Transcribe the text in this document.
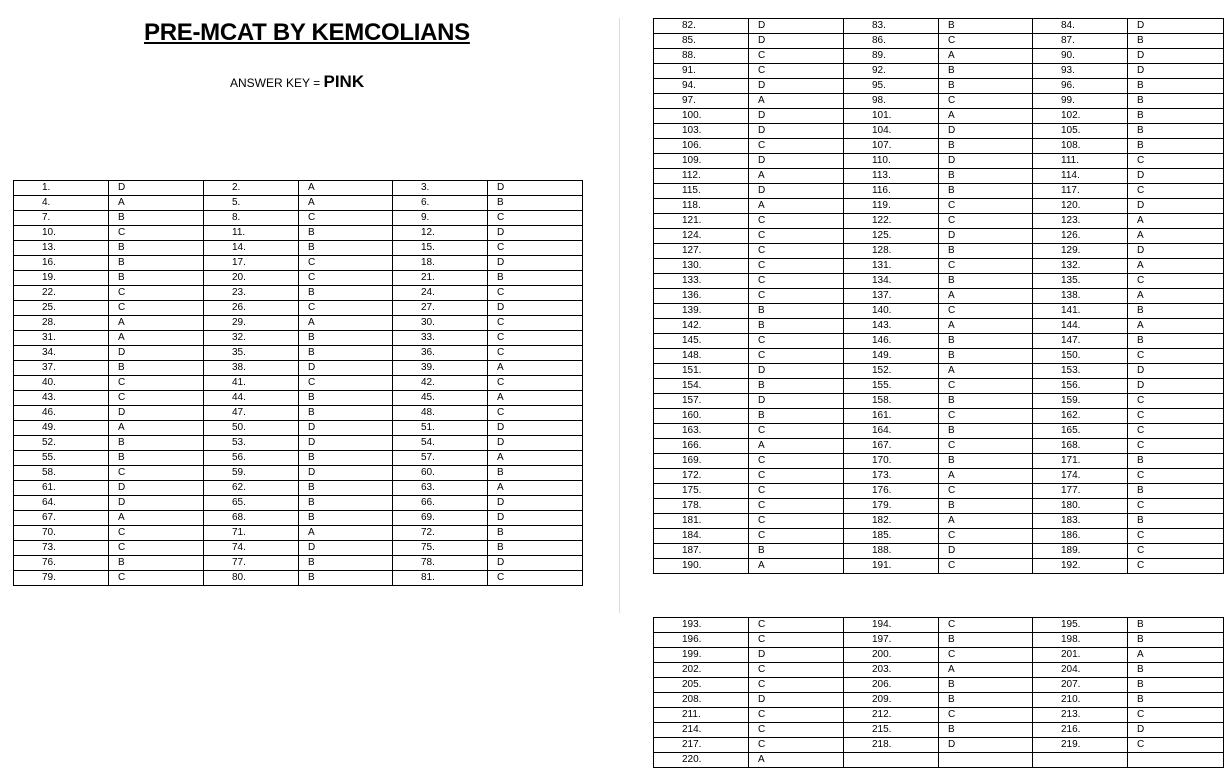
PRE-MCAT BY KEMCOLIANS
ANSWER KEY = PINK
1.	D	2.	A	3.	D
4.	A	5.	A	6.	B
7.	B	8.	C	9.	C
10.	C	11.	B	12.	D
13.	B	14.	B	15.	C
16.	B	17.	C	18.	D
19.	B	20.	C	21.	B
22.	C	23.	B	24.	C
25.	C	26.	C	27.	D
28.	A	29.	A	30.	C
31.	A	32.	B	33.	C
34.	D	35.	B	36.	C
37.	B	38.	D	39.	A
40.	C	41.	C	42.	C
43.	C	44.	B	45.	A
46.	D	47.	B	48.	C
49.	A	50.	D	51.	D
52.	B	53.	D	54.	D
55.	B	56.	B	57.	A
58.	C	59.	D	60.	B
61.	D	62.	B	63.	A
64.	D	65.	B	66.	D
67.	A	68.	B	69.	D
70.	C	71.	A	72.	B
73.	C	74.	D	75.	B
76.	B	77.	B	78.	D
79.	C	80.	B	81.	C
82.	D	83.	B	84.	D
85.	D	86.	C	87.	B
88.	C	89.	A	90.	D
91.	C	92.	B	93.	D
94.	D	95.	B	96.	B
97.	A	98.	C	99.	B
100.	D	101.	A	102.	B
103.	D	104.	D	105.	B
106.	C	107.	B	108.	B
109.	D	110.	D	111.	C
112.	A	113.	B	114.	D
115.	D	116.	B	117.	C
118.	A	119.	C	120.	D
121.	C	122.	C	123.	A
124.	C	125.	D	126.	A
127.	C	128.	B	129.	D
130.	C	131.	C	132.	A
133.	C	134.	B	135.	C
136.	C	137.	A	138.	A
139.	B	140.	C	141.	B
142.	B	143.	A	144.	A
145.	C	146.	B	147.	B
148.	C	149.	B	150.	C
151.	D	152.	A	153.	D
154.	B	155.	C	156.	D
157.	D	158.	B	159.	C
160.	B	161.	C	162.	C
163.	C	164.	B	165.	C
166.	A	167.	C	168.	C
169.	C	170.	B	171.	B
172.	C	173.	A	174.	C
175.	C	176.	C	177.	B
178.	C	179.	B	180.	C
181.	C	182.	A	183.	B
184.	C	185.	C	186.	C
187.	B	188.	D	189.	C
190.	A	191.	C	192.	C
193.	C	194.	C	195.	B
196.	C	197.	B	198.	B
199.	D	200.	C	201.	A
202.	C	203.	A	204.	B
205.	C	206.	B	207.	B
208.	D	209.	B	210.	B
211.	C	212.	C	213.	C
214.	C	215.	B	216.	D
217.	C	218.	D	219.	C
220.	A				
